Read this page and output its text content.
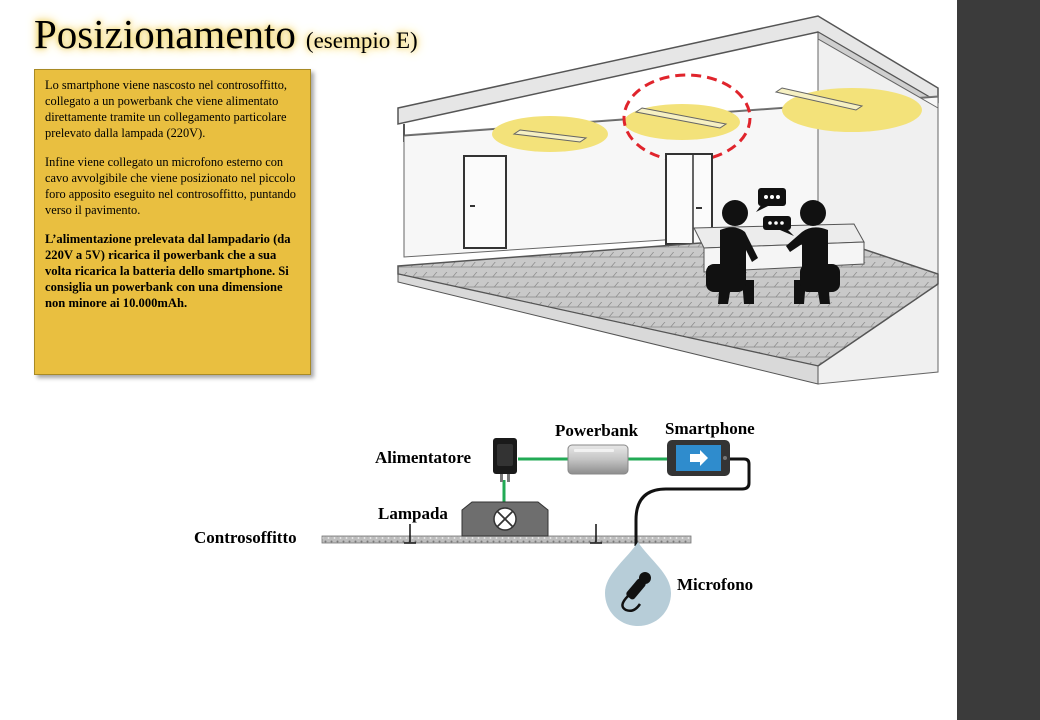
Posizionamento (esempio E)

Lo smartphone viene nascosto nel controsoffitto, collegato a un powerbank che viene alimentato direttamente tramite un collegamento particolare prelevato dalla lampada (220V).

Infine viene collegato un microfono esterno con cavo avvolgibile che viene posizionato nel piccolo foro apposito eseguito nel controsoffitto, puntando verso il pavimento.

L’alimentazione prelevata dal lampadario (da 220V a 5V) ricarica il powerbank che a sua volta ricarica la batteria dello smartphone. Si consiglia un powerbank con una dimensione non minore ai 10.000mAh.

Alimentatore
Powerbank Smartphone
Lampada
Controsoffitto
Microfono
